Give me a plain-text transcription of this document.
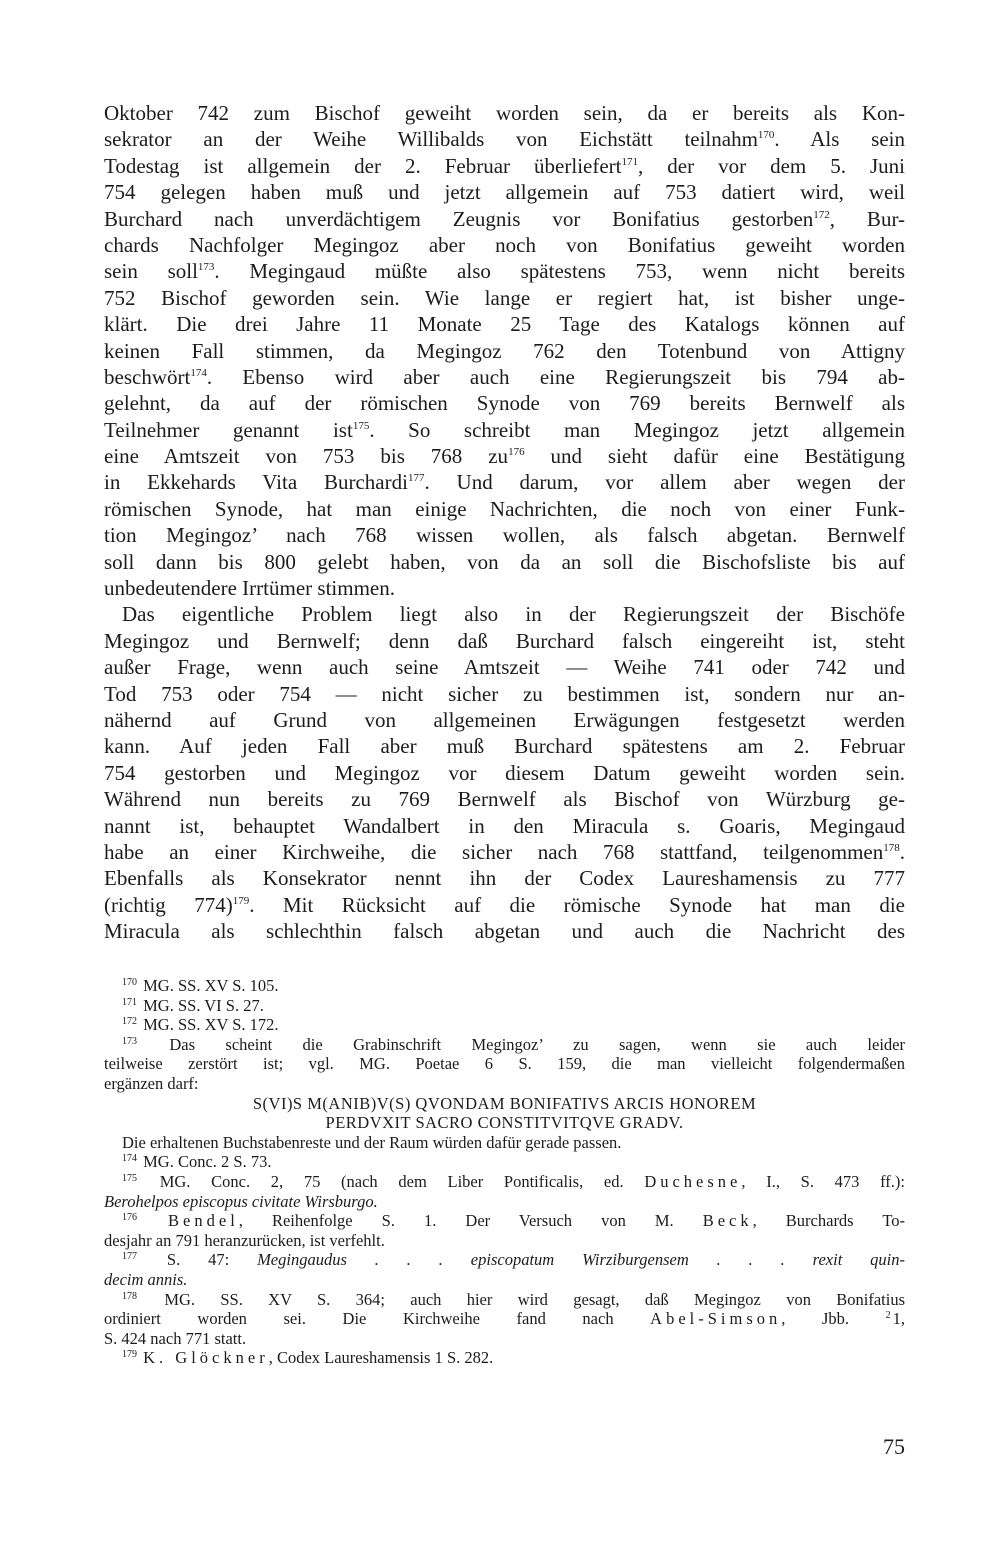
Oktober 742 zum Bischof geweiht worden sein, da er bereits als Kon-
sekrator an der Weihe Willibalds von Eichstätt teilnahm$^{170}$. Als sein
Todestag ist allgemein der 2. Februar überliefert$^{171}$, der vor dem 5. Juni
754 gelegen haben muß und jetzt allgemein auf 753 datiert wird, weil
Burchard nach unverdächtigem Zeugnis vor Bonifatius gestorben$^{172}$, Bur-
chards Nachfolger Megingoz aber noch von Bonifatius geweiht worden
sein soll$^{173}$. Megingaud müßte also spätestens 753, wenn nicht bereits
752 Bischof geworden sein. Wie lange er regiert hat, ist bisher unge-
klärt. Die drei Jahre 11 Monate 25 Tage des Katalogs können auf
keinen Fall stimmen, da Megingoz 762 den Totenbund von Attigny
beschwört$^{174}$. Ebenso wird aber auch eine Regierungszeit bis 794 ab-
gelehnt, da auf der römischen Synode von 769 bereits Bernwelf als
Teilnehmer genannt ist$^{175}$. So schreibt man Megingoz jetzt allgemein
eine Amtszeit von 753 bis 768 $zu^{176}$ und sieht dafür eine Bestätigung
in Ekkehards Vita Burchardi$^{177}$. Und darum, vor allem aber wegen der
römischen Synode, hat man einige Nachrichten, die noch von einer Funk-
tion Megingoz’ nach 768 wissen wollen, als falsch abgetan. Bernwelf
soll dann bis 800 gelebt haben, von da an soll die Bischofsliste bis auf
unbedeutendere Irrtümer stimmen.
Das eigentliche Problem liegt also in der Regierungszeit der Bischöfe
Megingoz und Bernwelf; denn daß Burchard falsch eingereiht ist, steht
außer Frage, wenn auch seine Amtszeit — Weihe 741 oder 742 und
Tod 753 oder 754 — nicht sicher zu bestimmen ist, sondern nur an-
nähernd auf Grund von allgemeinen Erwägungen festgesetzt werden
kann. Auf jeden Fall aber muß Burchard spätestens am 2. Februar
754 gestorben und Megingoz vor diesem Datum geweiht worden sein.
Während nun bereits zu 769 Bernwelf als Bischof von Würzburg ge-
nannt ist, behauptet Wandalbert in den Miracula s. Goaris, Megingaud
habe an einer Kirchweihe, die sicher nach 768 stattfand, teilgenommen$^{178}$.
Ebenfalls als Konsekrator nennt ihn der Codex Laureshamensis zu 777
(richtig 774)$^{179}$. Mit Rücksicht auf die römische Synode hat man die
Miracula als schlechthin falsch abgetan und auch die Nachricht des
$^{170}$ MG. SS. XV S. 105.
$^{171}$ MG. SS. VI S. 27.
$^{172}$ MG. SS. XV S. 172.
$^{173}$ Das scheint die Grabinschrift Megingoz’ zu sagen, wenn sie auch leider
teilweise zerstört ist; vgl. MG. Poetae 6 S. 159, die man vielleicht folgendermaßen
ergänzen darf:
S(VI)S M(ANIB)V(S) QVONDAM BONIFATIVS ARCIS HONOREM
PERDVXIT SACRO CONSTITVITQVE GRADV.
Die erhaltenen Buchstabenreste und der Raum würden dafür gerade passen.
$^{174}$ MG. Conc. 2 S. 73.
$^{175}$ MG. Conc. 2, 75 (nach dem Liber Pontificalis, ed. Duchesne, I., S. 473 ff.):
Berohelpos episcopus civitate Wirsburgo.
$^{176}$ Bendel, Reihenfolge S. 1. Der Versuch von M. Beck, Burchards To-
desjahr an 791 heranzurücken, ist verfehlt.
$^{177}$ S. 47: Megingaudus . . . episcopatum Wirziburgensem . . . rexit quin-
decim annis.
$^{178}$ MG. SS. XV S. 364; auch hier wird gesagt, daß Megingoz von Bonifatius
ordiniert worden sei. Die Kirchweihe fand nach Abel-Simson, Jbb.	$^2$ 1,
S. 424 nach 771 statt.
$^{179}$ K. Glöckner, Codex Laureshamensis 1 S. 282.
75
